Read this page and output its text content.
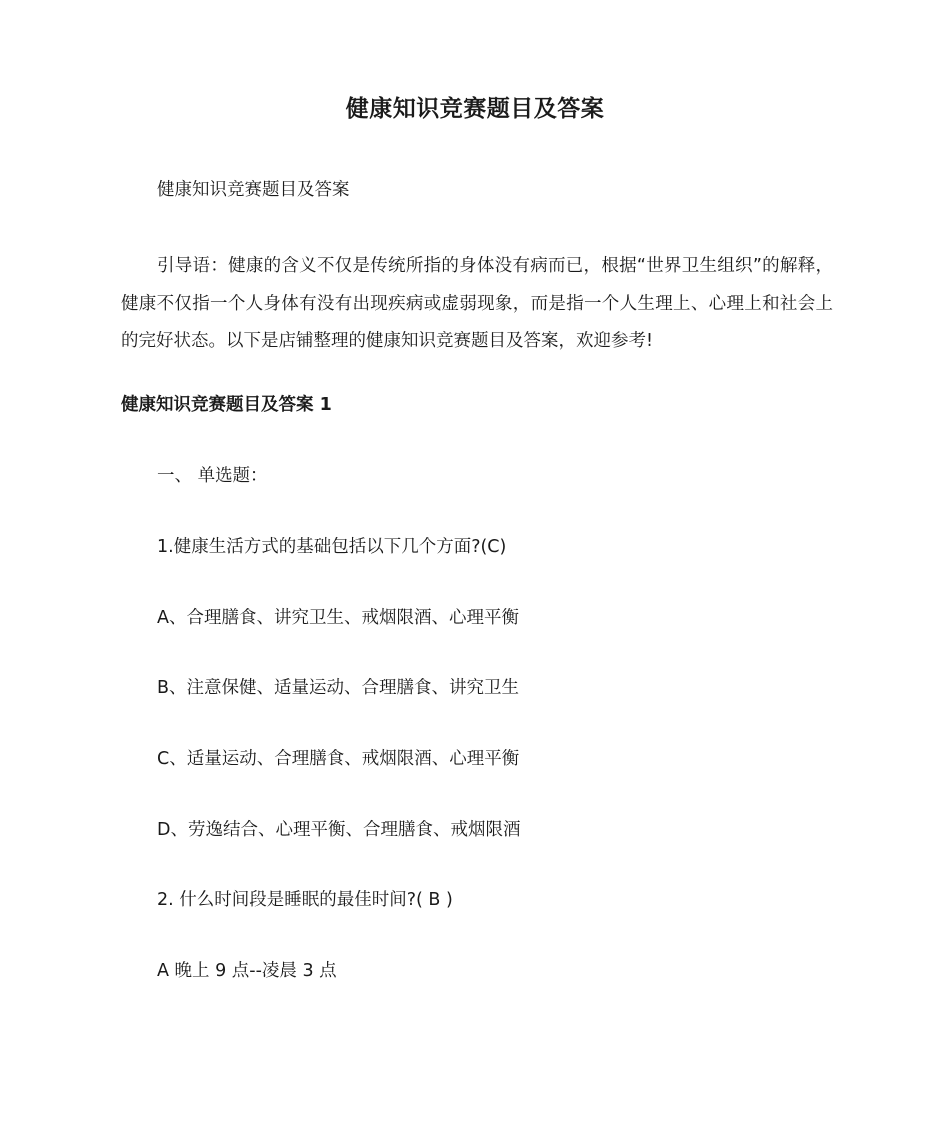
健康知识竞赛题目及答案
健康知识竞赛题目及答案
引导语：健康的含义不仅是传统所指的身体没有病而已，根据“世界卫生组织”的解释，健康不仅指一个人身体有没有出现疾病或虚弱现象，而是指一个人生理上、心理上和社会上的完好状态。以下是店铺整理的健康知识竞赛题目及答案，欢迎参考!
健康知识竞赛题目及答案 1
一、 单选题：
1.健康生活方式的基础包括以下几个方面?(C)
A、合理膳食、讲究卫生、戒烟限酒、心理平衡
B、注意保健、适量运动、合理膳食、讲究卫生
C、适量运动、合理膳食、戒烟限酒、心理平衡
D、劳逸结合、心理平衡、合理膳食、戒烟限酒
2. 什么时间段是睡眠的最佳时间?( B )
A 晚上 9 点--凌晨 3 点
